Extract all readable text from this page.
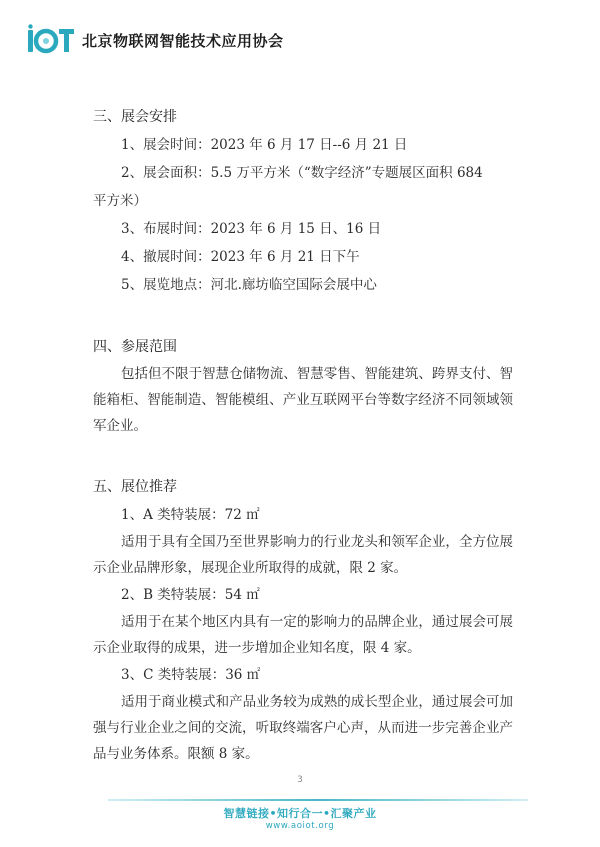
北京物联网智能技术应用协会
三、展会安排
1、展会时间：2023 年 6 月 17 日--6 月 21 日
2、展会面积：5.5 万平方米（“数字经济”专题展区面积 684
平方米）
3、布展时间：2023 年 6 月 15 日、16 日
4、撤展时间：2023 年 6 月 21 日下午
5、展览地点：河北.廊坊临空国际会展中心
四、参展范围
包括但不限于智慧仓储物流、智慧零售、智能建筑、跨界支付、智能箱柜、智能制造、智能模组、产业互联网平台等数字经济不同领域领军企业。
五、展位推荐
1、A 类特装展：72 ㎡
适用于具有全国乃至世界影响力的行业龙头和领军企业，全方位展示企业品牌形象，展现企业所取得的成就，限 2 家。
2、B 类特装展：54 ㎡
适用于在某个地区内具有一定的影响力的品牌企业，通过展会可展示企业取得的成果，进一步增加企业知名度，限 4 家。
3、C 类特装展：36 ㎡
适用于商业模式和产品业务较为成熟的成长型企业，通过展会可加强与行业企业之间的交流，听取终端客户心声，从而进一步完善企业产品与业务体系。限额 8 家。
3
智慧链接•知行合一•汇聚产业
www.aoiot.org
